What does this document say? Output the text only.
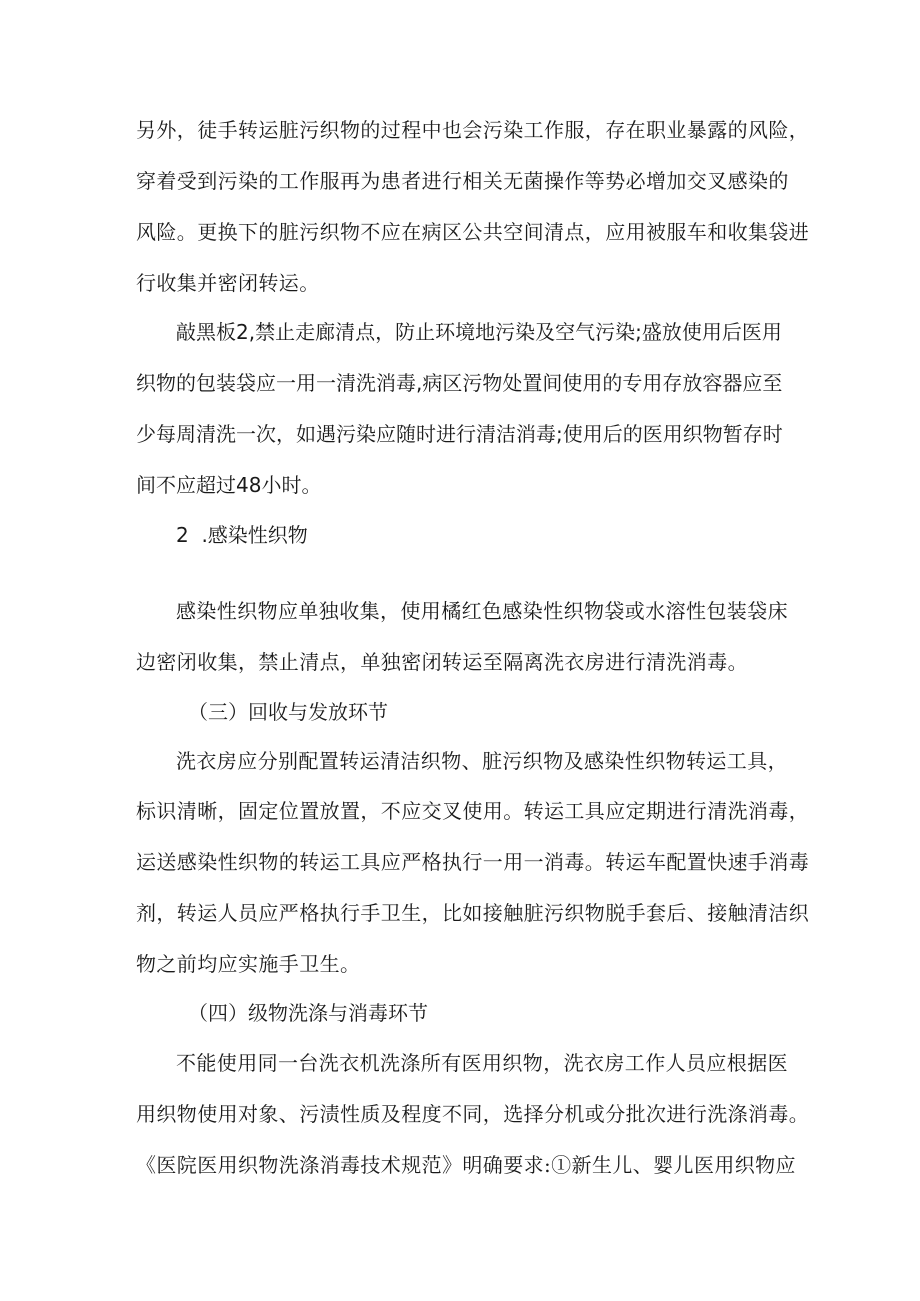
另外，徒手转运脏污织物的过程中也会污染工作服，存在职业暴露的风险，
穿着受到污染的工作服再为患者进行相关无菌操作等势必增加交叉感染的
风险。更换下的脏污织物不应在病区公共空间清点，应用被服车和收集袋进
行收集并密闭转运。
敲黑板2,禁止走廊清点，防止环境地污染及空气污染;盛放使用后医用
织物的包装袋应一用一清洗消毒,病区污物处置间使用的专用存放容器应至
少每周清洗一次，如遇污染应随时进行清洁消毒;使用后的医用织物暂存时
间不应超过48小时。
2  .感染性织物
感染性织物应单独收集，使用橘红色感染性织物袋或水溶性包装袋床
边密闭收集，禁止清点，单独密闭转运至隔离洗衣房进行清洗消毒。
（三）回收与发放环节
洗衣房应分别配置转运清洁织物、脏污织物及感染性织物转运工具，
标识清晰，固定位置放置，不应交叉使用。转运工具应定期进行清洗消毒，
运送感染性织物的转运工具应严格执行一用一消毒。转运车配置快速手消毒
剂，转运人员应严格执行手卫生，比如接触脏污织物脱手套后、接触清洁织
物之前均应实施手卫生。
（四）级物洗涤与消毒环节
不能使用同一台洗衣机洗涤所有医用织物，洗衣房工作人员应根据医
用织物使用对象、污渍性质及程度不同，选择分机或分批次进行洗涤消毒。
《医院医用织物洗涤消毒技术规范》明确要求:①新生儿、婴儿医用织物应
